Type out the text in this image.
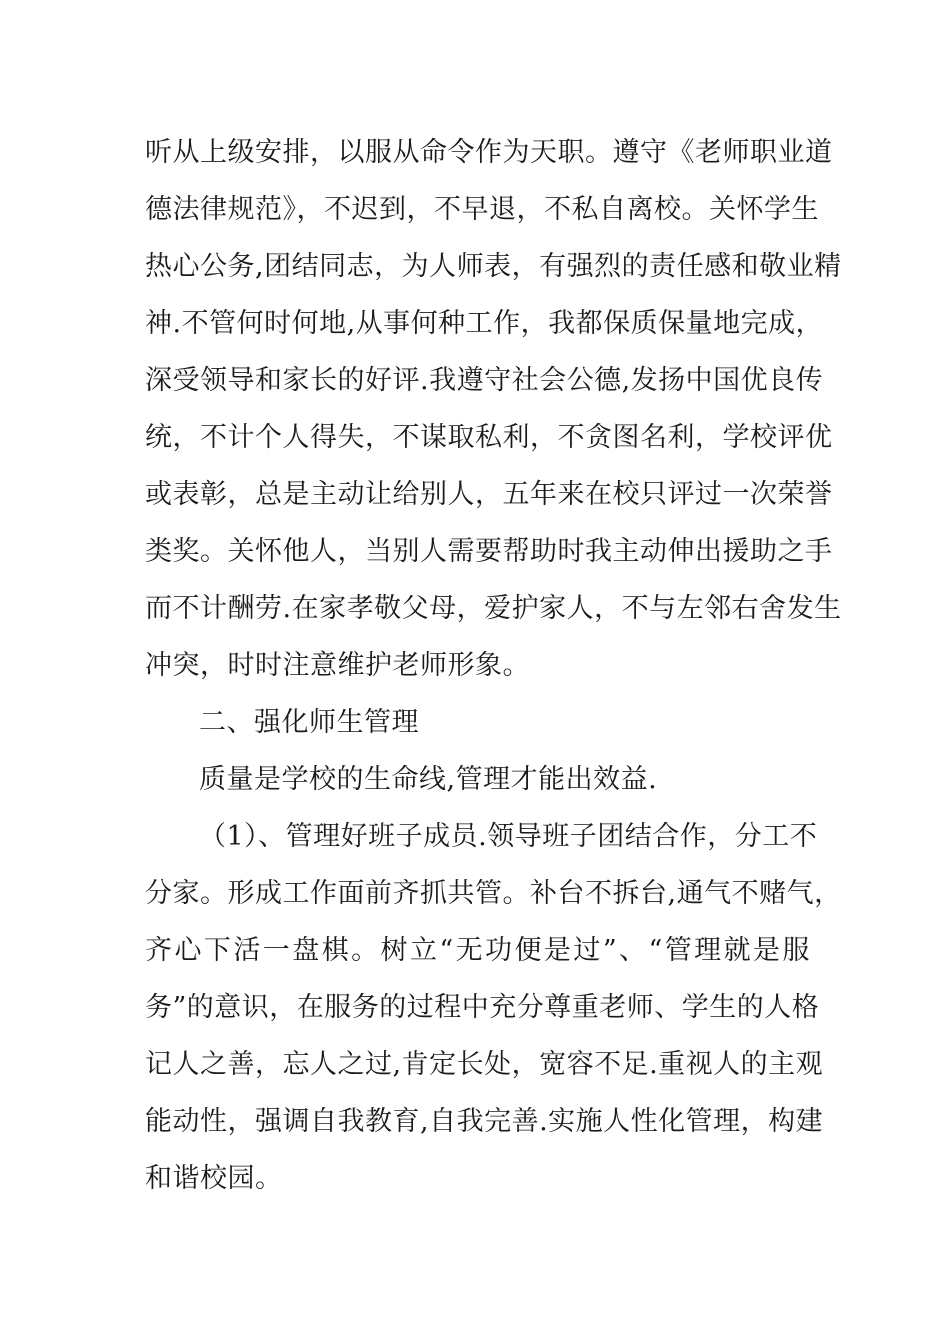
听从上级安排，以服从命令作为天职。遵守《老师职业道
德法律规范》，不迟到，不早退，不私自离校。关怀学生
热心公务,团结同志，为人师表，有强烈的责任感和敬业精
神.不管何时何地,从事何种工作，我都保质保量地完成，
深受领导和家长的好评.我遵守社会公德,发扬中国优良传
统，不计个人得失，不谋取私利，不贪图名利，学校评优
或表彰，总是主动让给别人，五年来在校只评过一次荣誉
类奖。关怀他人，当别人需要帮助时我主动伸出援助之手
而不计酬劳.在家孝敬父母，爱护家人，不与左邻右舍发生
冲突，时时注意维护老师形象。
二、强化师生管理
质量是学校的生命线,管理才能出效益.
（1）、管理好班子成员.领导班子团结合作，分工不
分家。形成工作面前齐抓共管。补台不拆台,通气不赌气，
齐心下活一盘棋。树立“无功便是过”、“管理就是服
务”的意识，在服务的过程中充分尊重老师、学生的人格
记人之善，忘人之过,肯定长处，宽容不足.重视人的主观
能动性，强调自我教育,自我完善.实施人性化管理，构建
和谐校园。
